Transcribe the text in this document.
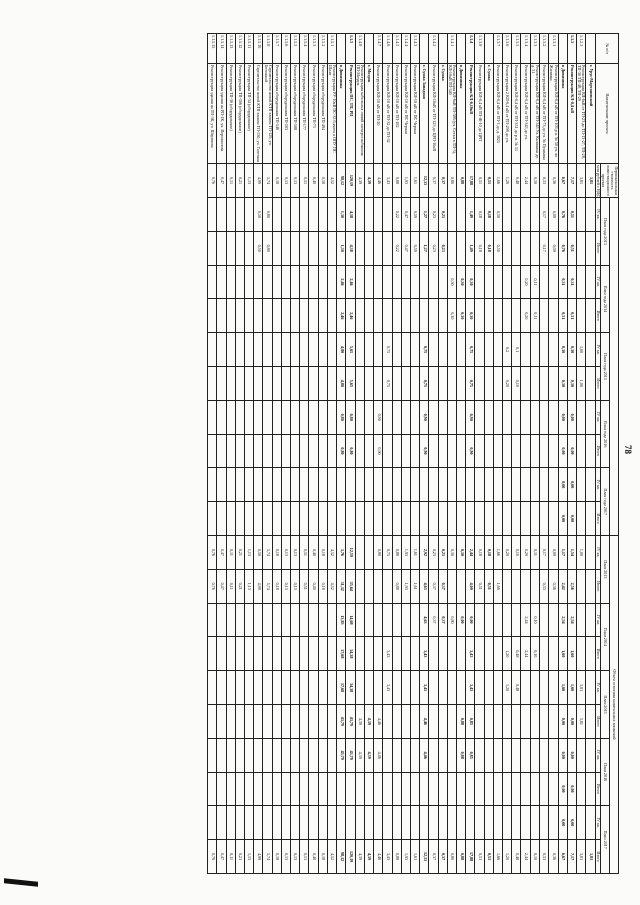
78
№ п/п	Наименование проекта	Первоначальная стоимость инвестиционного проекта											Объем освоения капитальных вложений									
			План года 2013		План года 2014		План года 2015		План года 2016		План года 2017		План 2013		План 2014		План 2015		План 2016		План 2017	
		млн рублей с НДС	IV кв.	Итого	IV кв.	Итого	IV кв.	Итого	IV кв.	Итого	IV кв.	Итого	IV кв.	Итого	IV кв.	Итого	IV кв.	Итого	IV кв.	Итого	IV кв.	Итого
	г. Урус-Мартановский	3,81																				3,81
1.1.2.3	Реконструкция ВЛ-6кВ от ТП-23 до ТП-13-27, ТП-28, ТП-30 ТП-48, ТП-29	3,81					1,00	1,00					1,00				3,81	3,81				3,81
1.1.3	Реконструкция КЛ-0,4 кВ	7,17	0,51	0,51	0,31	0,31	0,30	0,30	0,00	0,00	0,00	0,00	1,54	2,56	2,54	1,60	1,60	0,00	0,00	0,00	0,00	7,17
	в Дивизиона	6,67	0,76	0,76	0,31	0,31	0,30	0,30	0,00	0,00	0,00	0,00	1,17	2,42	2,54	1,60	1,60	0,00	0,00	0,00	0,00	6,67
1.1.3.1	Реконструкция КЛ-0,4 кВ от ТП-103 р.п. № 50 уч. по Жилищн.	0,36	0,09	0,09									0,09	0,36								0,36
1.1.3.2	Реконструкция КЛ-0,4 кВ от ТП-73 до уч. № Пушкина	0,53	0,17	0,17									0,17	0,53								0,53
1.1.3.3	Реконструкция КЛ-0,4 кВ от ТП-345 Ул. Калинина до д. 51	0,10			0,11	0,11							0,11		0,10	0,10						0,10
1.1.3.4	Реконструкция КЛ-0,4 кВ от ТП-345 до уч.	2,44			0,20	0,20							0,20		2,44	2,44						2,44
1.1.3.5	Реконструкция КЛ-0,4 кВ от ТП-351 до р.п. № 51	0,48					0,1	0,10					0,10			0,48	0,48					0,48
1.1.3.6	Реконструкция 2 КЛ-0,4 кВ от ТП-298 до уч.	1,20					0,2	0,20					0,20			1,20	1,20					1,20
1.1.3.7	Реконструкция КЛ-0,4 кВ от ТП-3 до д. 3825	1,66	0,50	0,50									1,66	1,66								1,66
	г. Сунжа	0,51	0,18	0,18									0,18	0,51								0,51
1.1.3.8	Реконструкция КЛ-0,4 кВ ТП-Ж-10 до ЦРП	0,51	0,18	0,18									0,18	0,51								0,51
1.1.4	Реконструкция КЛ-6,10кВ	17,88	1,49	1,49	0,30	0,30	0,75	0,75	0,90	0,90			2,44	4,00	0,00	3,43	3,43	0,85	0,85			17,88
	в Дивизиона	0,88			0,30	0,30							0,30		0,00			0,88	0,88			0,88
1.1.4.1	Реконструкция КЛ-6кВ ТП-586 (уч. Сетки в ТП-3), КЛ-10кВ ТП-340	0,80			0,30	0,30							0,30		0,80							0,80
	г. Сунжа	0,37	0,23	0,23									0,23	0,37	0,37							0,37
1.1.4.2	Реконструкция КЛ-10кВ от ТП-123 до ЦРП-10кВ	0,37	0,23	0,23									0,23	0,37	0,37							0,37
	г. Сунжа Западная	12,33	1,27	1,27			0,75	0,75	0,90	0,90			2,92	4,63	4,63	3,43	3,43	4,46	4,46			12,33
1.1.4.3	Реконструкция КЛ-10 кВ от ПС Черная	1,61	0,59	0,59									1,61	1,61								1,61
1.1.4.4	Реконструкция КЛ-10 кВ от ПС Черная	1,93	0,47	0,47									1,93	1,93								1,93
1.1.4.5	Реконструкция КЛ-10 кВ от ТП-182	0,88	0,22	0,22									0,88	0,88								0,88
1.1.4.6	Реконструкция КЛ-10 кВ от ТП-32 до ТП-32	3,43					0,75	0,75					0,75			3,43	3,43					3,43
1.1.4.7	Реконструкция КЛ-10 кВ от ТП-20	4,46							0,90	0,90			0,90					4,46	4,46			4,46
	г. Моздок	4,39																4,39	4,39			4,39
1.1.4.8	Реконструкция кабельных линий электроснабжения ПП-Моздок	4,39																4,39	4,39			4,39
1.1.5	Реконструкция ПС, ТП, РП	120,19	4,38	4,38	2,46	2,46	5,65	5,65	0,80	0,80			12,59	35,64	14,68	34,38	34,38	43,79	43,79			120,19
	в Дивизиона	98,12	1,30	1,30	2,46	2,46	4,80	4,80	0,80	0,80			3,76	31,32	13,83	17,68	17,68	43,79	43,79			98,12
1.1.5.1	Реконструкция РУ-10кВ ПС-35 6 ячеек в ОПУ ПС Шали	4,52											4,52	4,52								4,52
1.1.5.2	Реконструкция оборудования ТП-494	0,18											0,18	0,18								0,18
1.1.5.3	Реконструкция оборудования ТП-71	0,40											0,40	0,40								0,40
1.1.5.4	Реконструкция оборудования ТП-177	0,51											0,51	0,51								0,51
1.1.5.5	Реконструкция оборудования ТП-508	0,13											0,13	0,13								0,13
1.1.5.6	Реконструкция оборудования ТП-503	0,13											0,13	0,13								0,13
1.1.5.7	Реконструкция оборудования ТП-546	0,18											0,18	0,18								0,18
1.1.5.8	Строительство новой КТП взамен ТП-129, уч. Бетонный	5,74	0,80	0,80									5,74	5,74								5,74
1.1.5.10	Строительство новой КТП взамен ТП-530, уч. Газетная	4,99	0,50	0,50									0,50	4,99								4,99
1.1.5.11	Реконструкция ТП-34 (оборудование)	1,13											1,13	1,13								1,13
1.1.5.12	Реконструкция ТП-506 (оборудование)	0,21											0,21	0,21								0,21
1.1.5.13	Реконструкция ТП-36 (оборудование)	0,11											0,11	0,11								0,11
1.1.5.14	Реконструкция здания на РП-1К, уч. Ворошилова	0,47											0,47	0,47								0,47
1.1.5.15	Реконструкция здания на ТП-3К, уч. Шерипова	0,76											0,76	0,76								0,76
